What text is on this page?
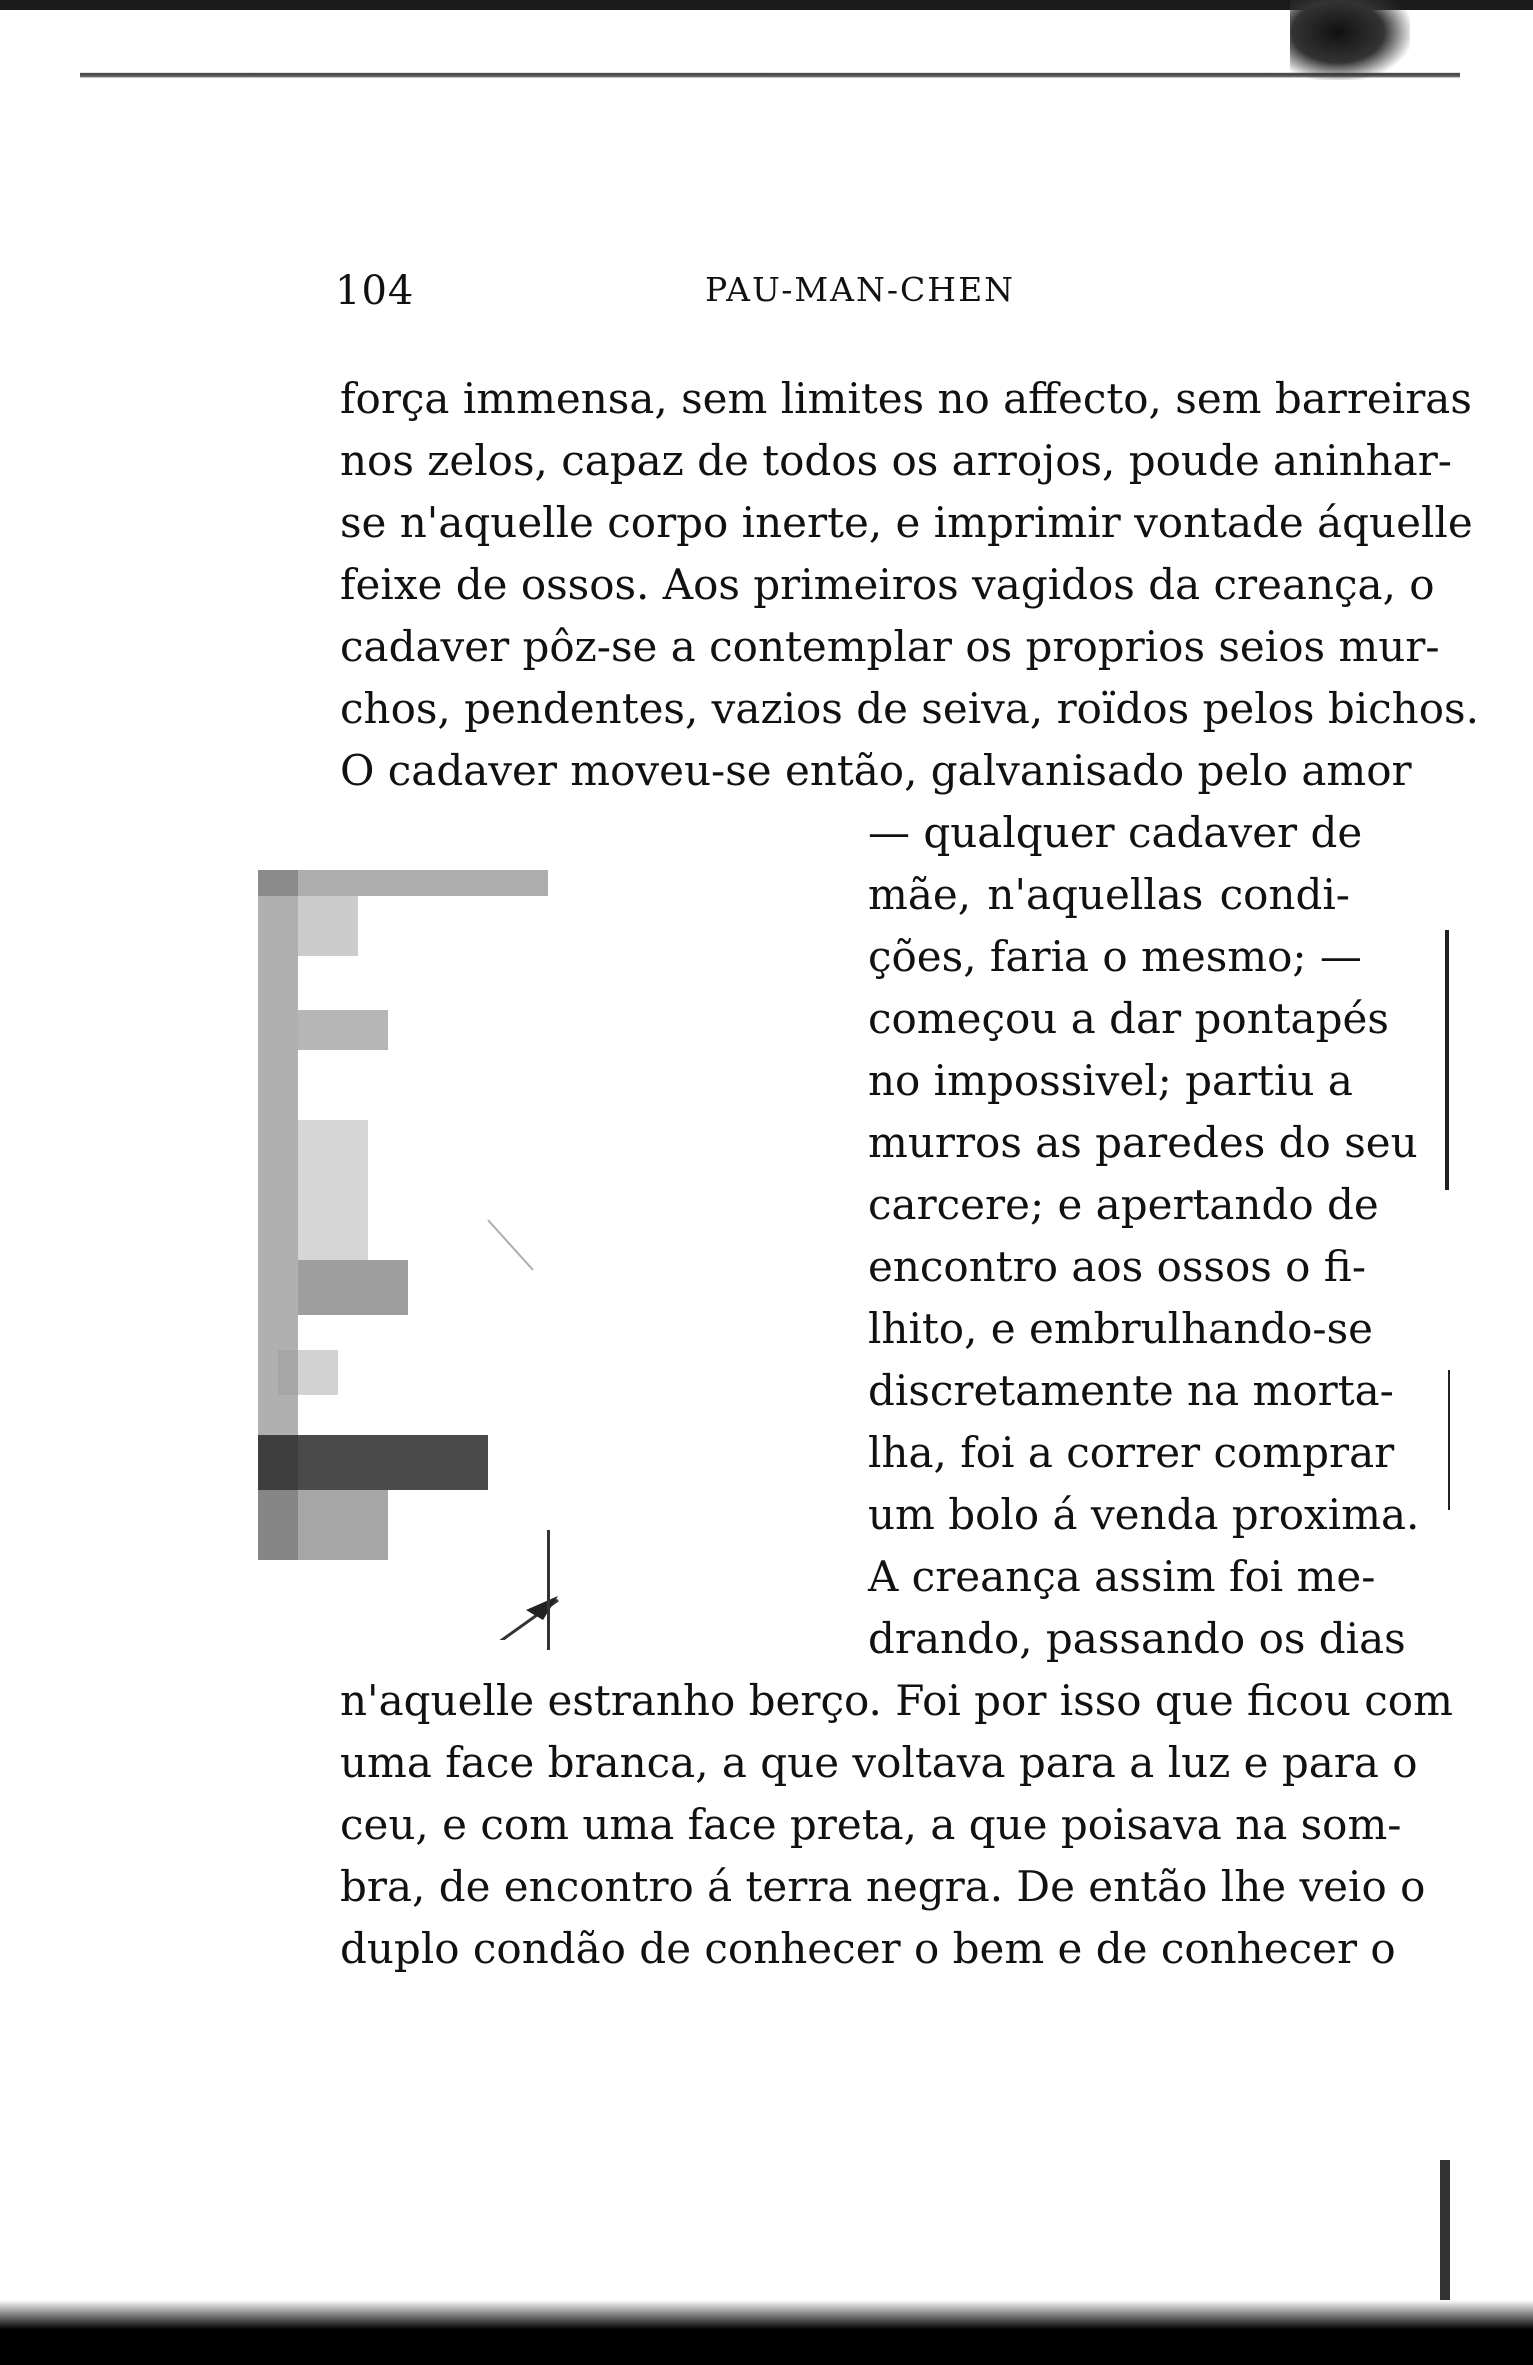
104	PAU-MAN-CHEN
força immensa, sem limites no affecto, sem barreiras
nos zelos, capaz de todos os arrojos, poude aninhar-
se n'aquelle corpo inerte, e imprimir vontade áquelle
feixe de ossos. Aos primeiros vagidos da creança, o
cadaver pôz-se a contemplar os proprios seios mur-
chos, pendentes, vazios de seiva, roïdos pelos bichos.
O cadaver moveu-se então, galvanisado pelo amor
— qualquer cadaver de
mãe, n'aquellas condi-
ções, faria o mesmo; —
começou a dar pontapés
no impossivel; partiu a
murros as paredes do seu
carcere; e apertando de
encontro aos ossos o fi-
lhito, e embrulhando-se
discretamente na morta-
lha, foi a correr comprar
um bolo á venda proxima.
A creança assim foi me-
drando, passando os dias
n'aquelle estranho berço. Foi por isso que ficou com
uma face branca, a que voltava para a luz e para o
ceu, e com uma face preta, a que poisava na som-
bra, de encontro á terra negra. De então lhe veio o
duplo condão de conhecer o bem e de conhecer o
